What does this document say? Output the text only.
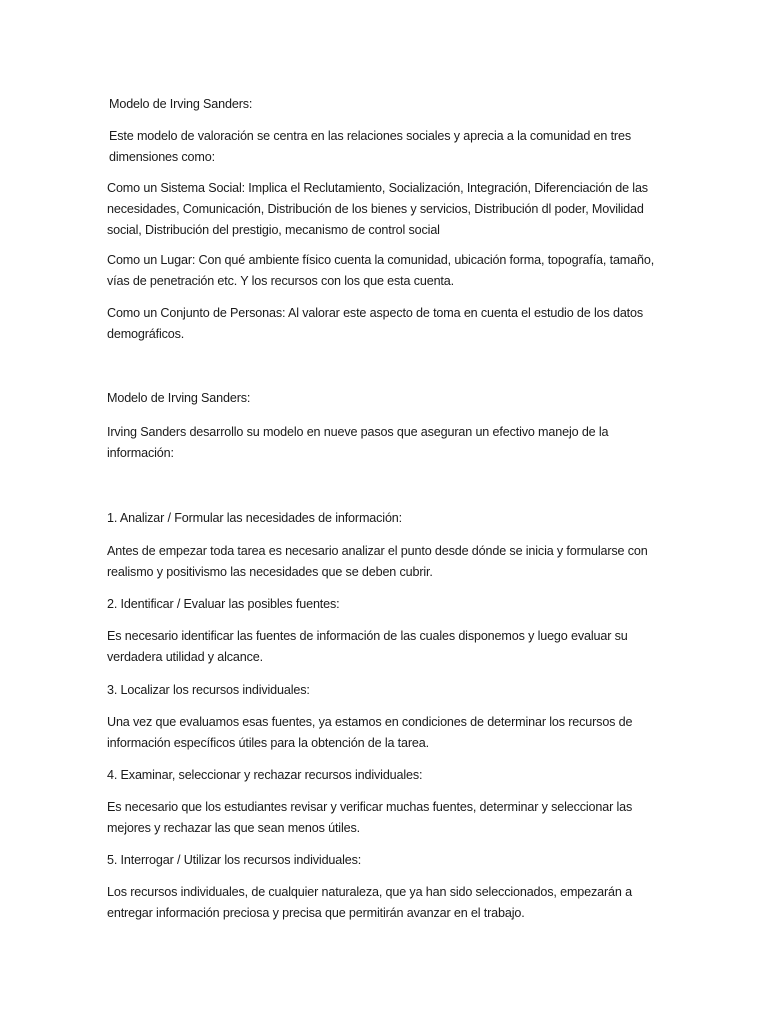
Modelo de Irving Sanders:

Este modelo de valoración se centra en las relaciones sociales y aprecia a la comunidad en tres dimensiones como:

Como un Sistema Social: Implica el Reclutamiento, Socialización, Integración, Diferenciación de las necesidades, Comunicación, Distribución de los bienes y servicios, Distribución dl poder, Movilidad social, Distribución del prestigio, mecanismo de control social

Como un Lugar: Con qué ambiente físico cuenta la comunidad, ubicación forma, topografía, tamaño, vías de penetración etc. Y los recursos con los que esta cuenta.

Como un Conjunto de Personas: Al valorar este aspecto de toma en cuenta el estudio de los datos demográficos.

Modelo de Irving Sanders:

Irving Sanders desarrollo su modelo en nueve pasos que aseguran un efectivo manejo de la información:

1. Analizar / Formular las necesidades de información:

Antes de empezar toda tarea es necesario analizar el punto desde dónde se inicia y formularse con realismo y positivismo las necesidades que se deben cubrir.

2. Identificar / Evaluar las posibles fuentes:

Es necesario identificar las fuentes de información de las cuales disponemos y luego evaluar su verdadera utilidad y alcance.

3. Localizar los recursos individuales:

Una vez que evaluamos esas fuentes, ya estamos en condiciones de determinar los recursos de información específicos útiles para la obtención de la tarea.

4. Examinar, seleccionar y rechazar recursos individuales:

Es necesario que los estudiantes revisar y verificar muchas fuentes, determinar y seleccionar las mejores y rechazar las que sean menos útiles.

5. Interrogar / Utilizar los recursos individuales:

Los recursos individuales, de cualquier naturaleza, que ya han sido seleccionados, empezarán a entregar información preciosa y precisa que permitirán avanzar en el trabajo.
